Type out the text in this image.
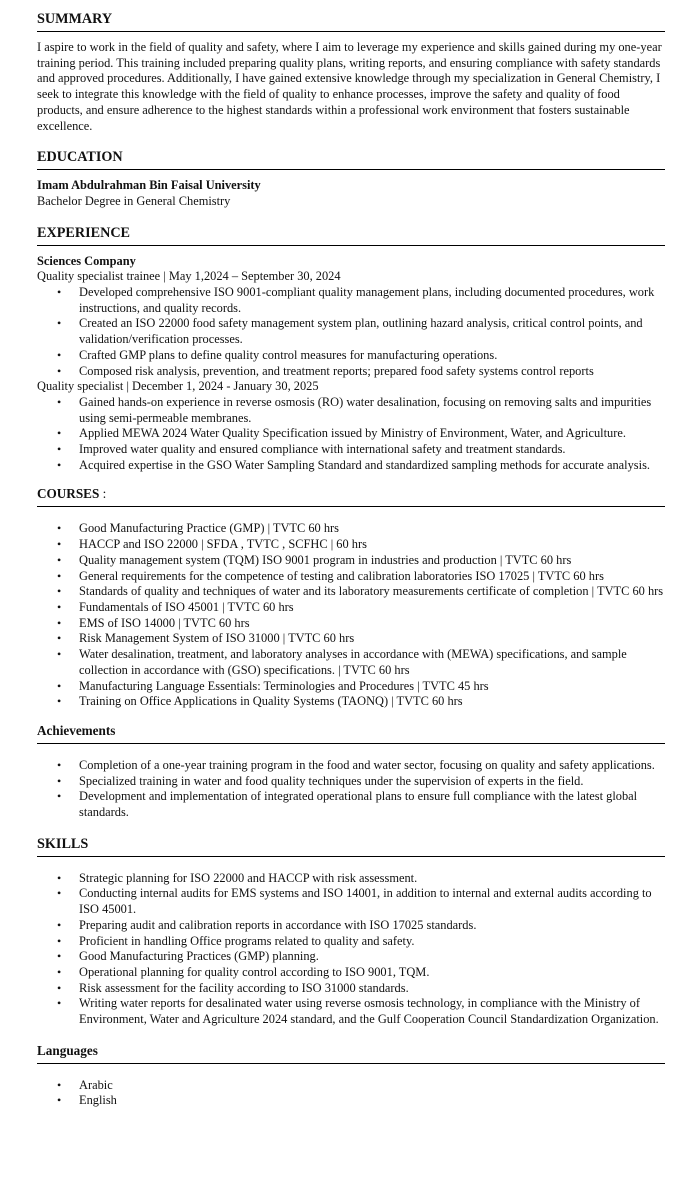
SUMMARY

I aspire to work in the field of quality and safety, where I aim to leverage my experience and skills gained during my one-year training period. This training included preparing quality plans, writing reports, and ensuring compliance with safety standards and approved procedures. Additionally, I have gained extensive knowledge through my specialization in General Chemistry, I seek to integrate this knowledge with the field of quality to enhance processes, improve the safety and quality of food products, and ensure adherence to the highest standards within a professional work environment that fosters sustainable excellence.

EDUCATION
Imam Abdulrahman Bin Faisal University
Bachelor Degree in General Chemistry
EXPERIENCE
Sciences Company
Quality specialist trainee | May 1,2024 – September 30, 2024
• Developed comprehensive ISO 9001-compliant quality management plans, including documented procedures, work instructions, and quality records.
• Created an ISO 22000 food safety management system plan, outlining hazard analysis, critical control points, and validation/verification processes.
• Crafted GMP plans to define quality control measures for manufacturing operations.
• Composed risk analysis, prevention, and treatment reports; prepared food safety systems control reports
Quality specialist | December 1, 2024 - January 30, 2025
• Gained hands-on experience in reverse osmosis (RO) water desalination, focusing on removing salts and impurities using semi-permeable membranes.
• Applied MEWA 2024 Water Quality Specification issued by Ministry of Environment, Water, and Agriculture.
• Improved water quality and ensured compliance with international safety and treatment standards.
• Acquired expertise in the GSO Water Sampling Standard and standardized sampling methods for accurate analysis.
COURSES :
• Good Manufacturing Practice (GMP) | TVTC 60 hrs
• HACCP and ISO 22000 | SFDA , TVTC , SCFHC | 60 hrs
• Quality management system (TQM) ISO 9001 program in industries and production | TVTC 60 hrs
• General requirements for the competence of testing and calibration laboratories ISO 17025 | TVTC 60 hrs
• Standards of quality and techniques of water and its laboratory measurements certificate of completion | TVTC 60 hrs
• Fundamentals of ISO 45001 | TVTC 60 hrs
• EMS of ISO 14000 | TVTC 60 hrs
• Risk Management System of ISO 31000 | TVTC 60 hrs
• Water desalination, treatment, and laboratory analyses in accordance with (MEWA) specifications, and sample collection in accordance with (GSO) specifications. | TVTC 60 hrs
• Manufacturing Language Essentials: Terminologies and Procedures | TVTC 45 hrs
• Training on Office Applications in Quality Systems (TAONQ) | TVTC 60 hrs
Achievements
• Completion of a one-year training program in the food and water sector, focusing on quality and safety applications.
• Specialized training in water and food quality techniques under the supervision of experts in the field.
• Development and implementation of integrated operational plans to ensure full compliance with the latest global standards.
SKILLS
• Strategic planning for ISO 22000 and HACCP with risk assessment.
• Conducting internal audits for EMS systems and ISO 14001, in addition to internal and external audits according to ISO 45001.
• Preparing audit and calibration reports in accordance with ISO 17025 standards.
• Proficient in handling Office programs related to quality and safety.
• Good Manufacturing Practices (GMP) planning.
• Operational planning for quality control according to ISO 9001, TQM.
• Risk assessment for the facility according to ISO 31000 standards.
• Writing water reports for desalinated water using reverse osmosis technology, in compliance with the Ministry of Environment, Water and Agriculture 2024 standard, and the Gulf Cooperation Council Standardization Organization.
Languages
• Arabic
• English
